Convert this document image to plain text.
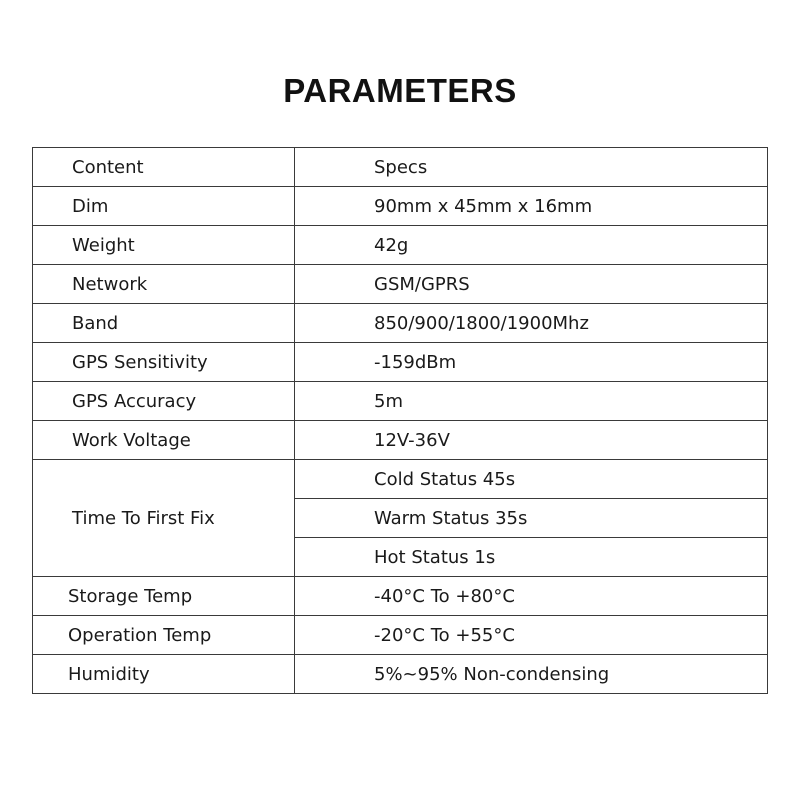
PARAMETERS
Content	Specs
Dim	90mm x 45mm x 16mm
Weight	42g
Network	GSM/GPRS
Band	850/900/1800/1900Mhz
GPS Sensitivity	-159dBm
GPS Accuracy	5m
Work Voltage	12V-36V
Time To First Fix	Cold Status 45s
	Warm Status 35s
	Hot Status 1s
Storage Temp	-40°C To +80°C
Operation Temp	-20°C To +55°C
Humidity	5%~95% Non-condensing
